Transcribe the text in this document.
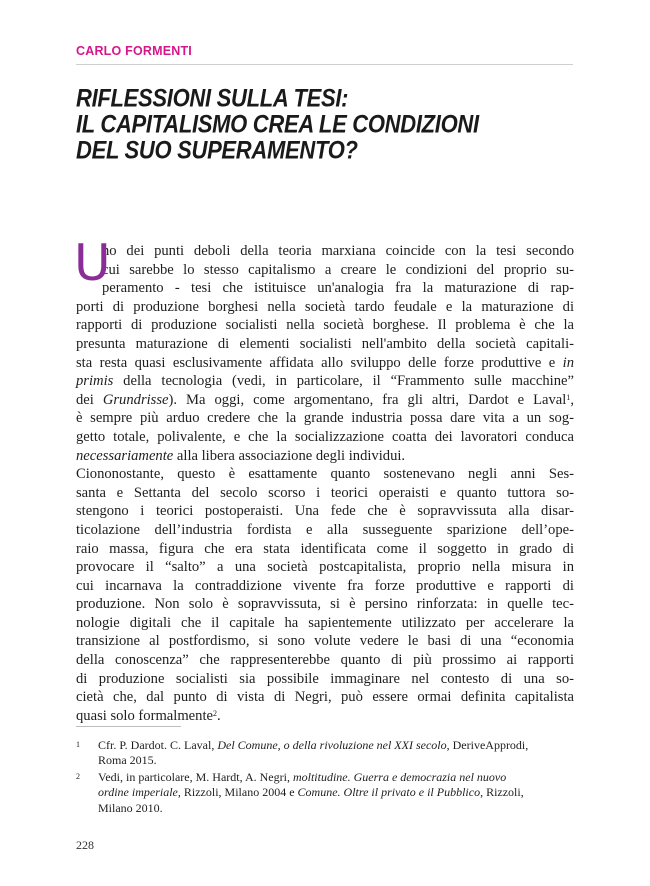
CARLO FORMENTI
RIFLESSIONI SULLA TESI:
IL CAPITALISMO CREA LE CONDIZIONI
DEL SUO SUPERAMENTO?
U
no dei punti deboli della teoria marxiana coincide con la tesi secondo
cui sarebbe lo stesso capitalismo a creare le condizioni del proprio su-
peramento - tesi che istituisce un'analogia fra la maturazione di rap-
porti di produzione borghesi nella società tardo feudale e la maturazione di
rapporti di produzione socialisti nella società borghese. Il problema è che la
presunta maturazione di elementi socialisti nell'ambito della società capitali-
sta resta quasi esclusivamente affidata allo sviluppo delle forze produttive e in
primis della tecnologia (vedi, in particolare, il “Frammento sulle macchine”
dei Grundrisse). Ma oggi, come argomentano, fra gli altri, Dardot e Laval$^1$,
è sempre più arduo credere che la grande industria possa dare vita a un sog-
getto totale, polivalente, e che la socializzazione coatta dei lavoratori conduca
necessariamente alla libera associazione degli individui.
Ciononostante, questo è esattamente quanto sostenevano negli anni Ses-
santa e Settanta del secolo scorso i teorici operaisti e quanto tuttora so-
stengono i teorici postoperaisti. Una fede che è sopravvissuta alla disar-
ticolazione dell’industria fordista e alla susseguente sparizione dell’ope-
raio massa, figura che era stata identificata come il soggetto in grado di
provocare il “salto” a una società postcapitalista, proprio nella misura in
cui incarnava la contraddizione vivente fra forze produttive e rapporti di
produzione. Non solo è sopravvissuta, si è persino rinforzata: in quelle tec-
nologie digitali che il capitale ha sapientemente utilizzato per accelerare la
transizione al postfordismo, si sono volute vedere le basi di una “economia
della conoscenza” che rappresenterebbe quanto di più prossimo ai rapporti
di produzione socialisti sia possibile immaginare nel contesto di una so-
cietà che, dal punto di vista di Negri, può essere ormai definita capitalista
quasi solo formalmente$^2$.
1 Cfr. P. Dardot. C. Laval, Del Comune, o della rivoluzione nel XXI secolo, DeriveApprodi,
Roma 2015.
2 Vedi, in particolare, M. Hardt, A. Negri, moltitudine. Guerra e democrazia nel nuovo
ordine imperiale, Rizzoli, Milano 2004 e Comune. Oltre il privato e il Pubblico, Rizzoli,
Milano 2010.
228
